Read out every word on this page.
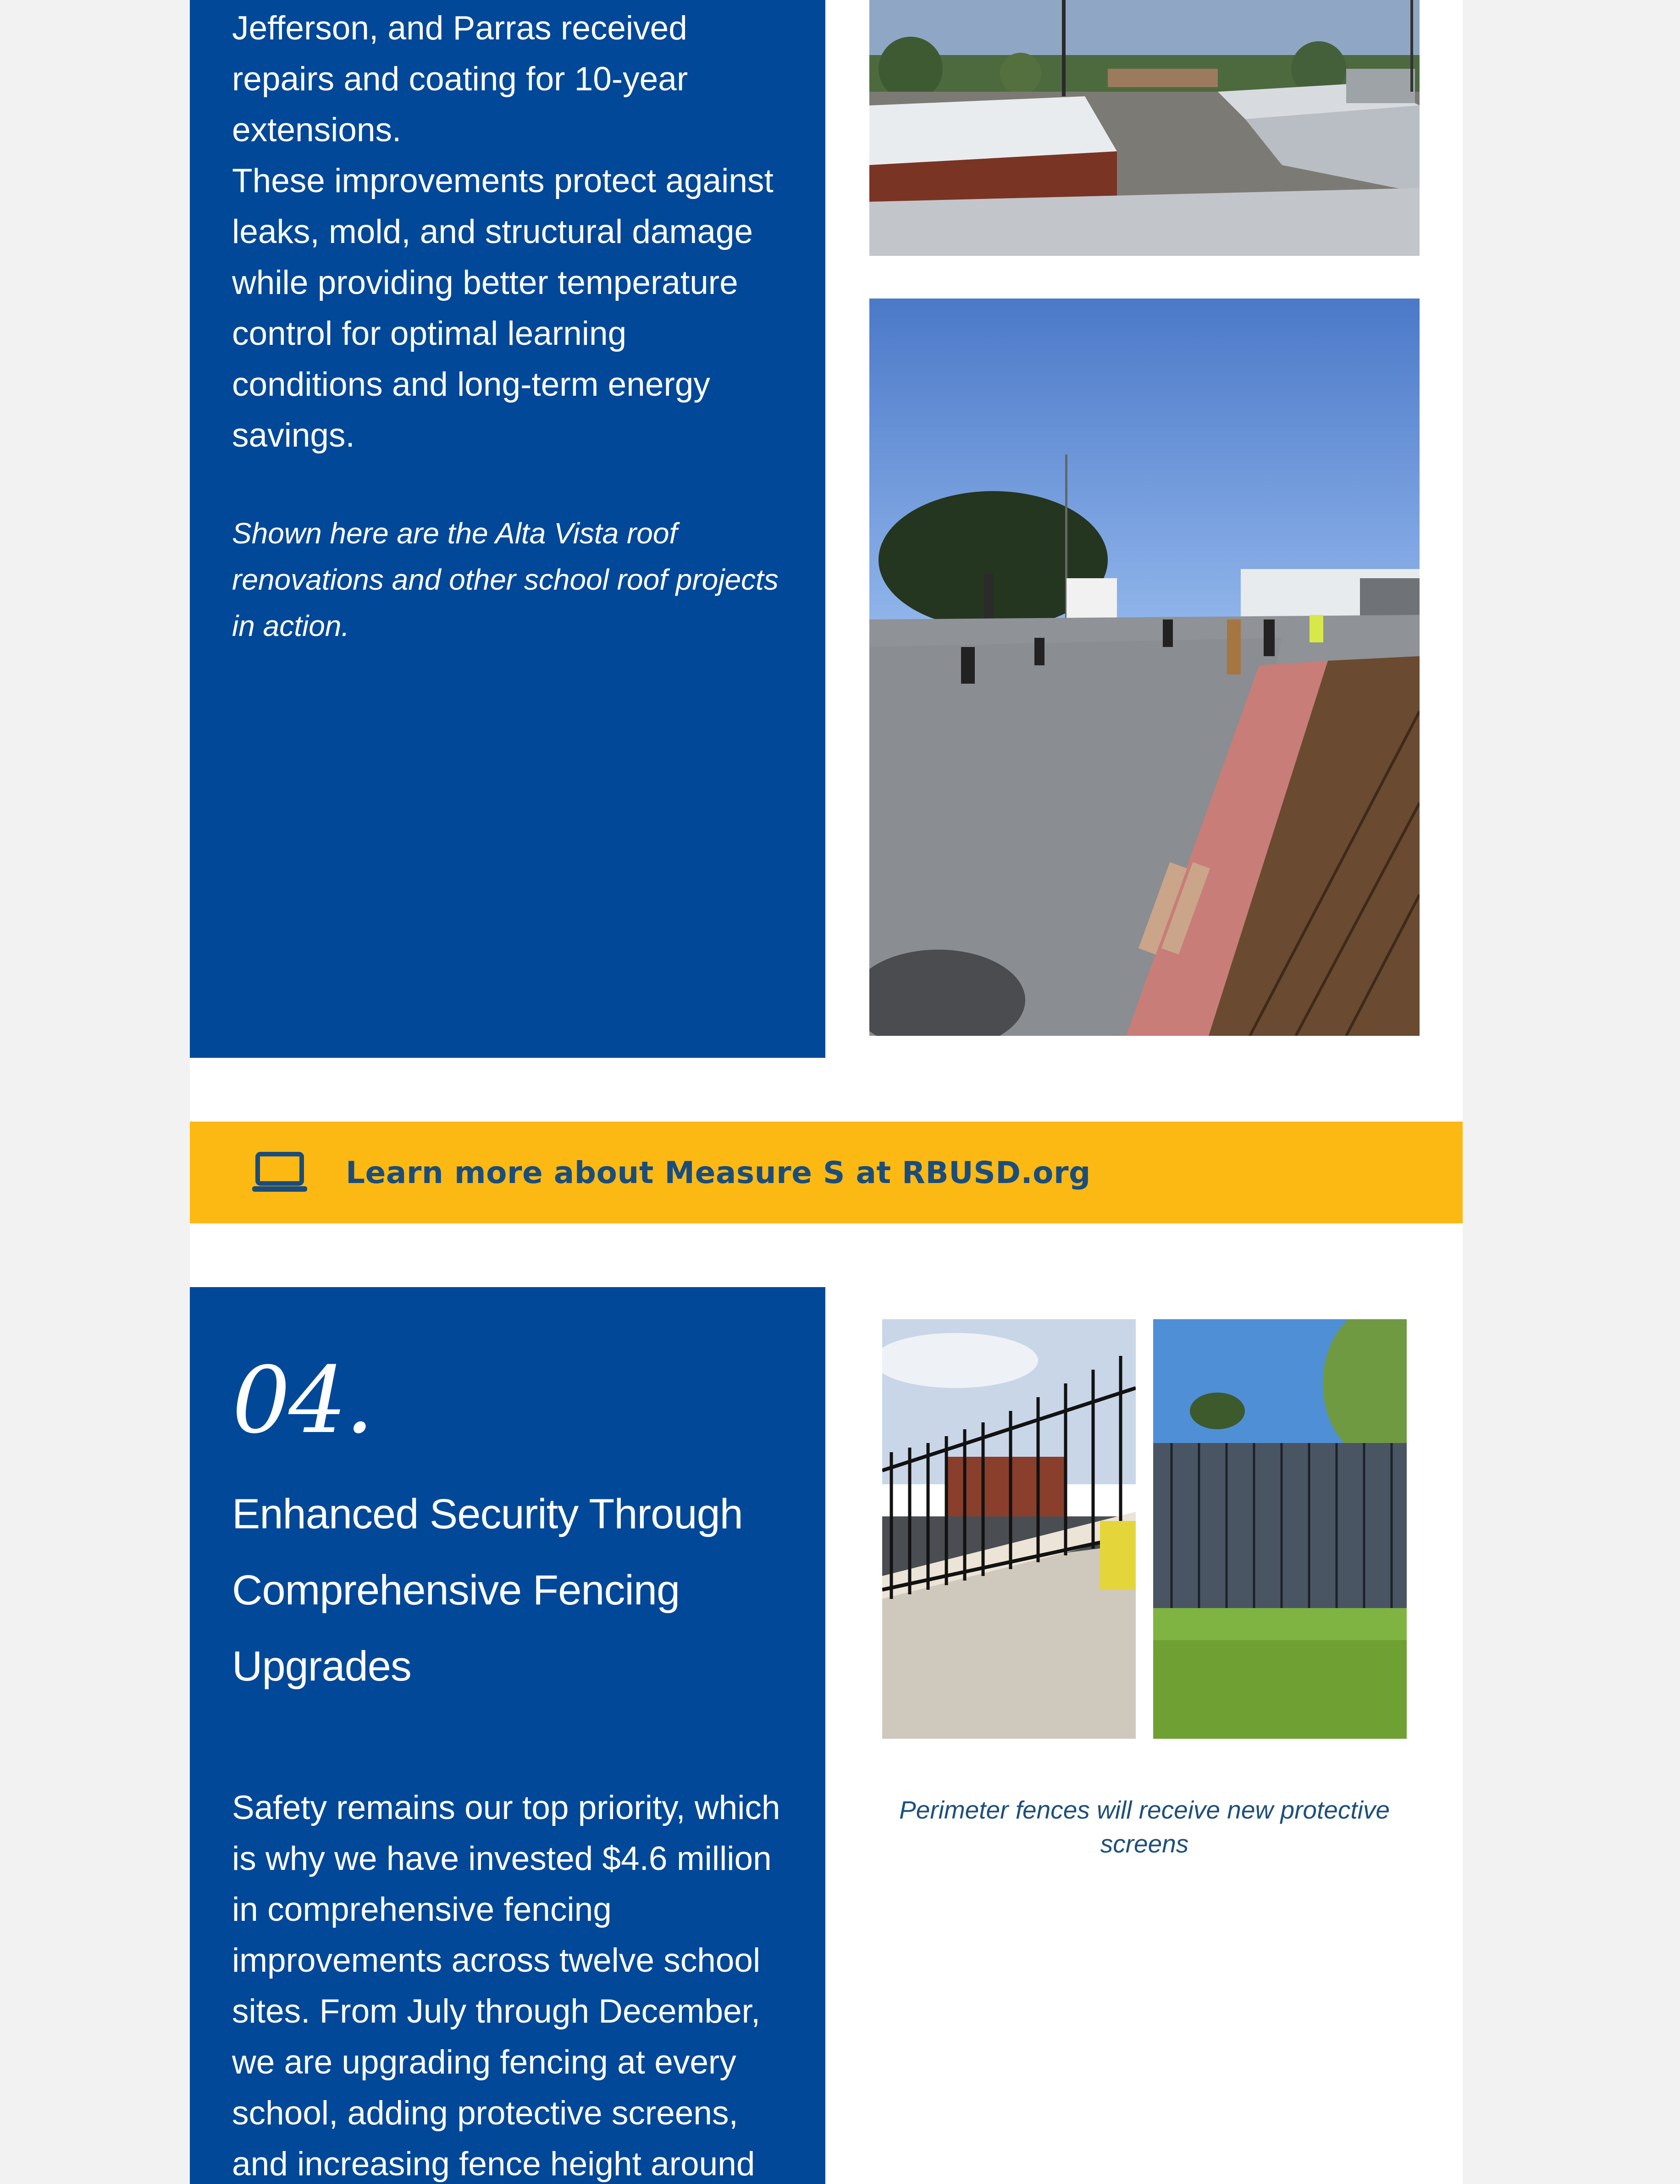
Jefferson, and Parras received
repairs and coating for 10-year
extensions.
These improvements protect against
leaks, mold, and structural damage
while providing better temperature
control for optimal learning
conditions and long-term energy
savings.

Shown here are the Alta Vista roof renovations and other school roof projects in action.

Learn more about Measure S at RBUSD.org

04.

Enhanced Security Through Comprehensive Fencing Upgrades

Safety remains our top priority, which is why we have invested $4.6 million in comprehensive fencing improvements across twelve school sites. From July through December, we are upgrading fencing at every school, adding protective screens, and increasing fence height around

Perimeter fences will receive new protective screens
